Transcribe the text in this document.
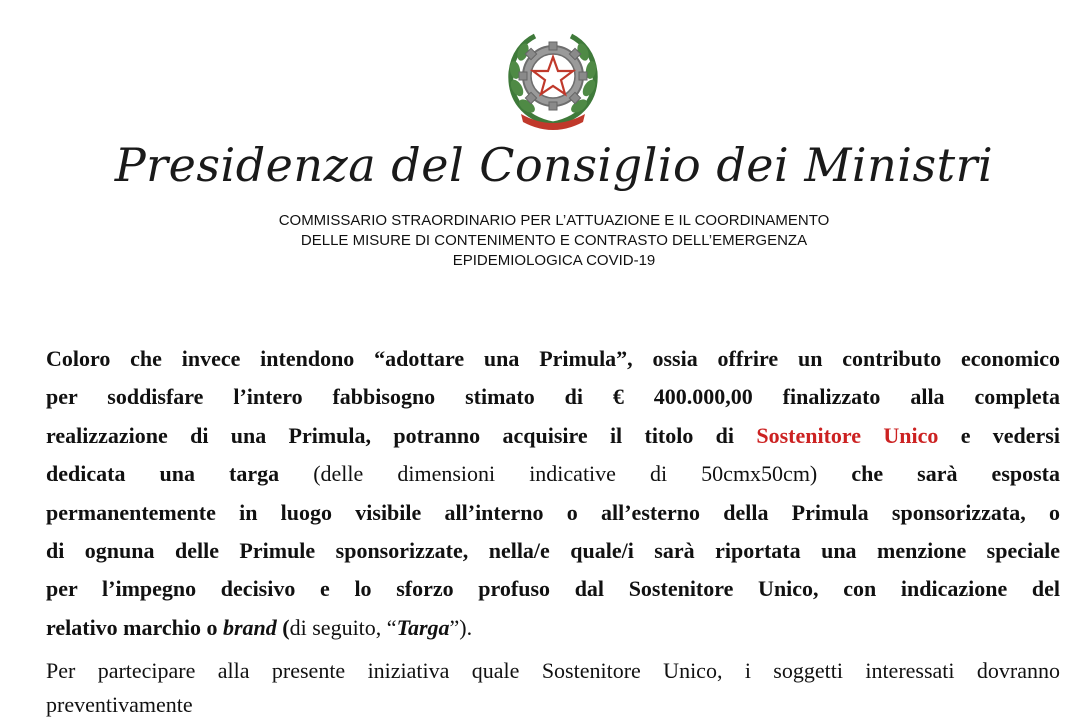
Presidenza del Consiglio dei Ministri
COMMISSARIO STRAORDINARIO PER L’ATTUAZIONE E IL COORDINAMENTO
DELLE MISURE DI CONTENIMENTO E CONTRASTO DELL’EMERGENZA
EPIDEMIOLOGICA COVID-19
Coloro che invece intendono “adottare una Primula”, ossia offrire un contributo economico
per soddisfare l’intero fabbisogno stimato di € 400.000,00 finalizzato alla completa
realizzazione di una Primula, potranno acquisire il titolo di Sostenitore Unico e vedersi
dedicata una targa (delle dimensioni indicative di 50cmx50cm) che sarà esposta
permanentemente in luogo visibile all’interno o all’esterno della Primula sponsorizzata, o
di ognuna delle Primule sponsorizzate, nella/e quale/i sarà riportata una menzione speciale
per l’impegno decisivo e lo sforzo profuso dal Sostenitore Unico, con indicazione del
relativo marchio o brand (di seguito, “Targa”).
Per partecipare alla presente iniziativa quale Sostenitore Unico, i soggetti interessati dovranno
preventivamente
